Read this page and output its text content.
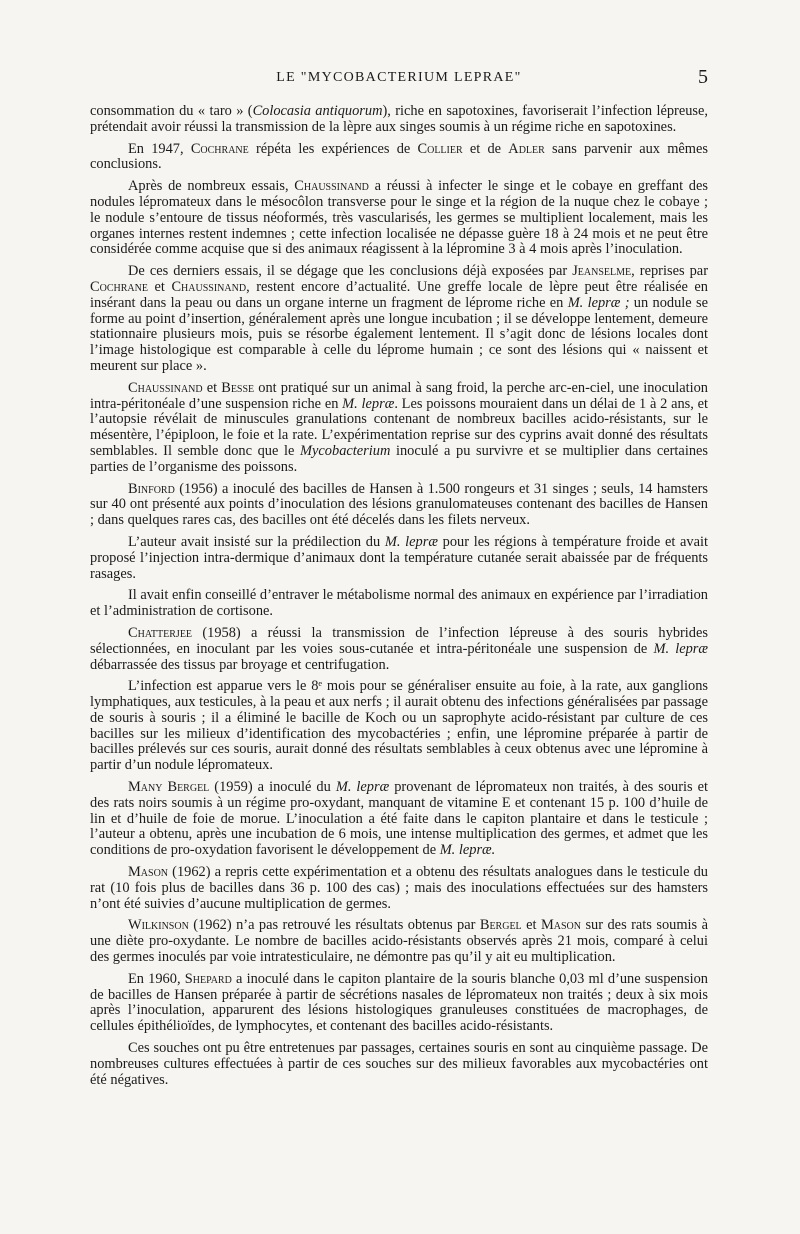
LE "MYCOBACTERIUM LEPRAE"	5

consommation du « taro » (Colocasia antiquorum), riche en sapotoxines, favoriserait l’infection lépreuse, prétendait avoir réussi la transmission de la lèpre aux singes soumis à un régime riche en sapotoxines.

En 1947, Cochrane répéta les expériences de Collier et de Adler sans parvenir aux mêmes conclusions.

Après de nombreux essais, Chaussinand a réussi à infecter le singe et le cobaye en greffant des nodules lépromateux dans le mésocôlon transverse pour le singe et la région de la nuque chez le cobaye ; le nodule s’entoure de tissus néoformés, très vascularisés, les germes se multiplient localement, mais les organes internes restent indemnes ; cette infection localisée ne dépasse guère 18 à 24 mois et ne peut être considérée comme acquise que si des animaux réagissent à la lépromine 3 à 4 mois après l’inoculation.

De ces derniers essais, il se dégage que les conclusions déjà exposées par Jeanselme, reprises par Cochrane et Chaussinand, restent encore d’actualité. Une greffe locale de lèpre peut être réalisée en insérant dans la peau ou dans un organe interne un fragment de lépromе riche en M. lepræ ; un nodule se forme au point d’insertion, généralement après une longue incubation ; il se développe lentement, demeure stationnaire plusieurs mois, puis se résorbe également lentement. Il s’agit donc de lésions locales dont l’image histologique est comparable à celle du léprome humain ; ce sont des lésions qui « naissent et meurent sur place ».

Chaussinand et Besse ont pratiqué sur un animal à sang froid, la perche arc-en-ciel, une inoculation intra-péritonéale d’une suspension riche en M. lepræ. Les poissons mouraient dans un délai de 1 à 2 ans, et l’autopsie révélait de minuscules granulations contenant de nombreux bacilles acido-résistants, sur le mésentère, l’épiploon, le foie et la rate. L’expérimentation reprise sur des cyprins avait donné des résultats semblables. Il semble donc que le Mycobacterium inoculé a pu survivre et se multiplier dans certaines parties de l’organisme des poissons.

Binford (1956) a inoculé des bacilles de Hansen à 1.500 rongeurs et 31 singes ; seuls, 14 hamsters sur 40 ont présenté aux points d’inoculation des lésions granulomateuses contenant des bacilles de Hansen ; dans quelques rares cas, des bacilles ont été décelés dans les filets nerveux.

L’auteur avait insisté sur la prédilection du M. lepræ pour les régions à température froide et avait proposé l’injection intra-dermique d’animaux dont la température cutanée serait abaissée par de fréquents rasages.

Il avait enfin conseillé d’entraver le métabolisme normal des animaux en expérience par l’irradiation et l’administration de cortisone.

Chatterjee (1958) a réussi la transmission de l’infection lépreuse à des souris hybrides sélectionnées, en inoculant par les voies sous-cutanée et intra-péritonéale une suspension de M. lepræ débarrassée des tissus par broyage et centrifugation.

L’infection est apparue vers le 8ᵉ mois pour se généraliser ensuite au foie, à la rate, aux ganglions lymphatiques, aux testicules, à la peau et aux nerfs ; il aurait obtenu des infections généralisées par passage de souris à souris ; il a éliminé le bacille de Koch ou un saprophyte acido-résistant par culture de ces bacilles sur les milieux d’identification des mycobactéries ; enfin, une lépromine préparée à partir de bacilles prélevés sur ces souris, aurait donné des résultats semblables à ceux obtenus avec une lépromine à partir d’un nodule lépromateux.

Many Bergel (1959) a inoculé du M. lepræ provenant de lépromateux non traités, à des souris et des rats noirs soumis à un régime pro-oxydant, manquant de vitamine E et contenant 15 p. 100 d’huile de lin et d’huile de foie de morue. L’inoculation a été faite dans le capiton plantaire et dans le testicule ; l’auteur a obtenu, après une incubation de 6 mois, une intense multiplication des germes, et admet que les conditions de pro-oxydation favorisent le développement de M. lepræ.

Mason (1962) a repris cette expérimentation et a obtenu des résultats analogues dans le testicule du rat (10 fois plus de bacilles dans 36 p. 100 des cas) ; mais des inoculations effectuées sur des hamsters n’ont été suivies d’aucune multiplication de germes.

Wilkinson (1962) n’a pas retrouvé les résultats obtenus par Bergel et Mason sur des rats soumis à une diète pro-oxydante. Le nombre de bacilles acido-résistants observés après 21 mois, comparé à celui des germes inoculés par voie intratesticulaire, ne démontre pas qu’il y ait eu multiplication.

En 1960, Shepard a inoculé dans le capiton plantaire de la souris blanche 0,03 ml d’une suspension de bacilles de Hansen préparée à partir de sécrétions nasales de lépromateux non traités ; deux à six mois après l’inoculation, apparurent des lésions histologiques granuleuses constituées de macrophages, de cellules épithélioïdes, de lymphocytes, et contenant des bacilles acido-résistants.

Ces souches ont pu être entretenues par passages, certaines souris en sont au cinquième passage. De nombreuses cultures effectuées à partir de ces souches sur des milieux favorables aux mycobactéries ont été négatives.
